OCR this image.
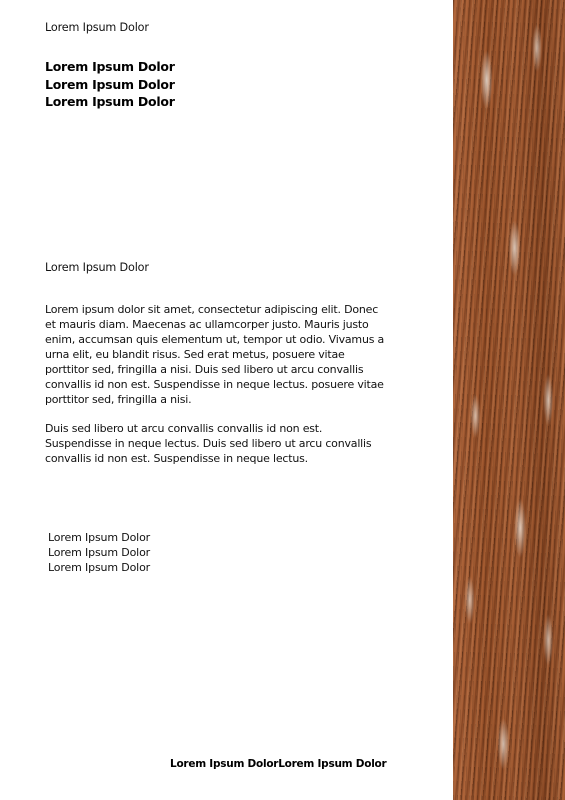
Lorem Ipsum Dolor
Lorem Ipsum Dolor
Lorem Ipsum Dolor
Lorem Ipsum Dolor
Lorem Ipsum Dolor

Lorem ipsum dolor sit amet, consectetur adipiscing elit. Donec et mauris diam. Maecenas ac ullamcorper justo. Mauris justo enim, accumsan quis elementum ut, tempor ut odio. Vivamus a urna elit, eu blandit risus. Sed erat metus, posuere vitae porttitor sed, fringilla a nisi. Duis sed libero ut arcu convallis convallis id non est. Suspendisse in neque lectus. posuere vitae porttitor sed, fringilla a nisi.

Duis sed libero ut arcu convallis convallis id non est. Suspendisse in neque lectus. Duis sed libero ut arcu convallis convallis id non est. Suspendisse in neque lectus.

Lorem Ipsum Dolor
Lorem Ipsum Dolor
Lorem Ipsum Dolor
Lorem Ipsum DolorLorem Ipsum Dolor
